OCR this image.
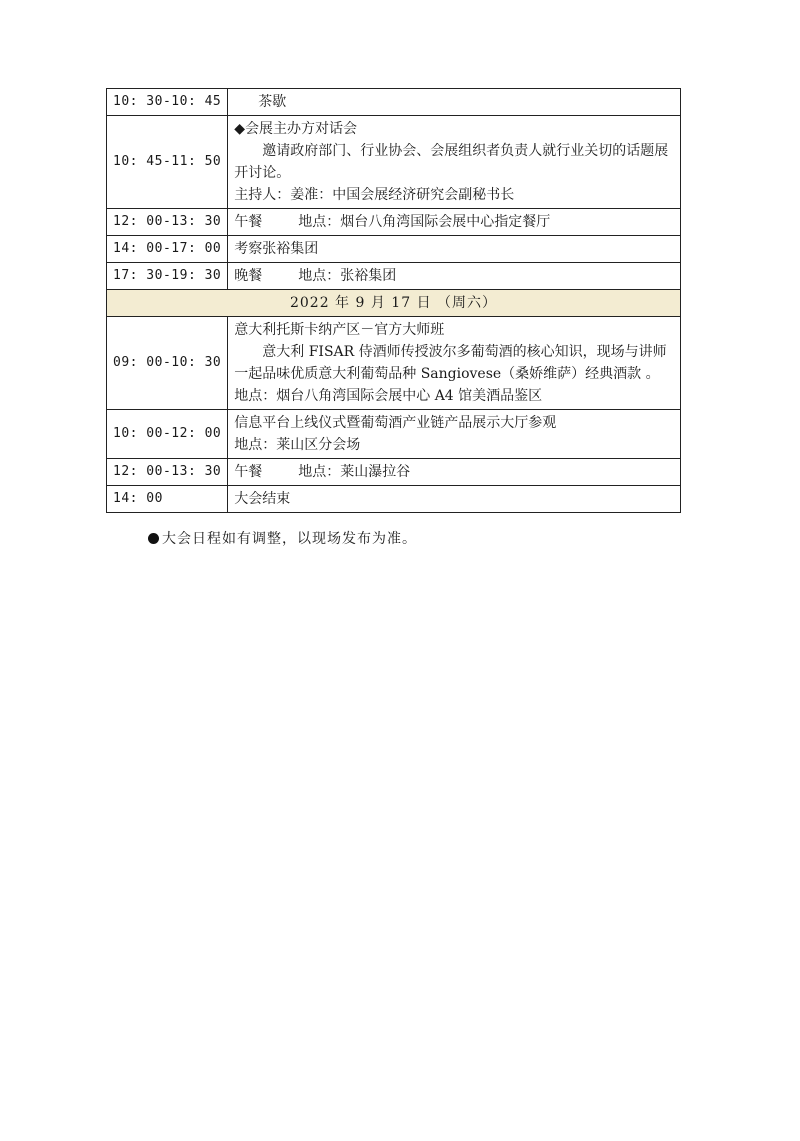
10: 30-10: 45	茶歇

10: 45-11: 50	◆会展主办方对话会
邀请政府部门、行业协会、会展组织者负责人就行业关切的话题展开讨论。
主持人：姜准：中国会展经济研究会副秘书长

12: 00-13: 30	午餐 地点：烟台八角湾国际会展中心指定餐厅
14: 00-17: 00	考察张裕集团

17: 30-19: 30	晚餐 地点：张裕集团
2022 年 9 月 17 日 （周六）	
09: 00-10: 30	意大利托斯卡纳产区－官方大师班
意大利 FISAR 侍酒师传授波尔多葡萄酒的核心知识，现场与讲师一起品味优质意大利葡萄品种 Sangiovese（桑娇维萨）经典酒款 。
地点：烟台八角湾国际会展中心 A4 馆美酒品鉴区

10: 00-12: 00	信息平台上线仪式暨葡萄酒产业链产品展示大厅参观
地点：莱山区分会场

12: 00-13: 30	午餐 地点：莱山瀑拉谷
14: 00	大会结束
大会日程如有调整，以现场发布为准。
